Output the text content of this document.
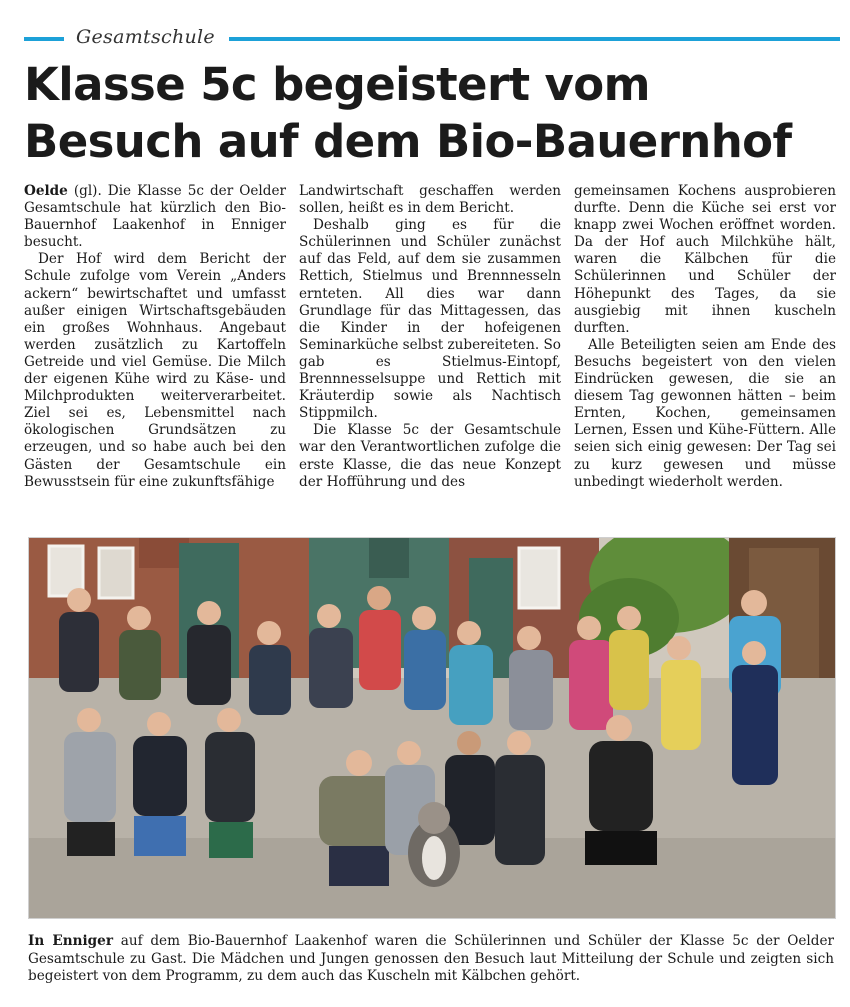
Gesamtschule
Klasse 5c begeistert vom
Besuch auf dem Bio-Bauernhof

Oelde (gl). Die Klasse 5c der Oelder Gesamtschule hat kürzlich den Bio-Bauernhof Laakenhof in Enniger besucht.

Der Hof wird dem Bericht der Schule zufolge vom Verein „Anders ackern“ bewirtschaftet und umfasst außer einigen Wirtschaftsgebäuden ein großes Wohnhaus. Angebaut werden zusätzlich zu Kartoffeln Getreide und viel Gemüse. Die Milch der eigenen Kühe wird zu Käse- und Milchprodukten weiterverarbeitet. Ziel sei es, Lebensmittel nach ökologischen Grundsätzen zu erzeugen, und so habe auch bei den Gästen der Gesamtschule ein Bewusstsein für eine zukunftsfähige

Landwirtschaft geschaffen werden sollen, heißt es in dem Bericht.

Deshalb ging es für die Schülerinnen und Schüler zunächst auf das Feld, auf dem sie zusammen Rettich, Stielmus und Brennnesseln ernteten. All dies war dann Grundlage für das Mittagessen, das die Kinder in der hofeigenen Seminarküche selbst zubereiteten. So gab es Stielmus-Eintopf, Brennnesselsuppe und Rettich mit Kräuterdip sowie als Nachtisch Stippmilch.

Die Klasse 5c der Gesamtschule war den Verantwortlichen zufolge die erste Klasse, die das neue Konzept der Hofführung und des

gemeinsamen Kochens ausprobieren durfte. Denn die Küche sei erst vor knapp zwei Wochen eröffnet worden. Da der Hof auch Milchkühe hält, waren die Kälbchen für die Schülerinnen und Schüler der Höhepunkt des Tages, da sie ausgiebig mit ihnen kuscheln durften.

Alle Beteiligten seien am Ende des Besuchs begeistert von den vielen Eindrücken gewesen, die sie an diesem Tag gewonnen hätten – beim Ernten, Kochen, gemeinsamen Lernen, Essen und Kühe-Füttern. Alle seien sich einig gewesen: Der Tag sei zu kurz gewesen und müsse unbedingt wiederholt werden.

In Enniger auf dem Bio-Bauernhof Laakenhof waren die Schülerinnen und Schüler der Klasse 5c der Oelder Gesamtschule zu Gast. Die Mädchen und Jungen genossen den Besuch laut Mitteilung der Schule und zeigten sich begeistert von dem Programm, zu dem auch das Kuscheln mit Kälbchen gehört.
